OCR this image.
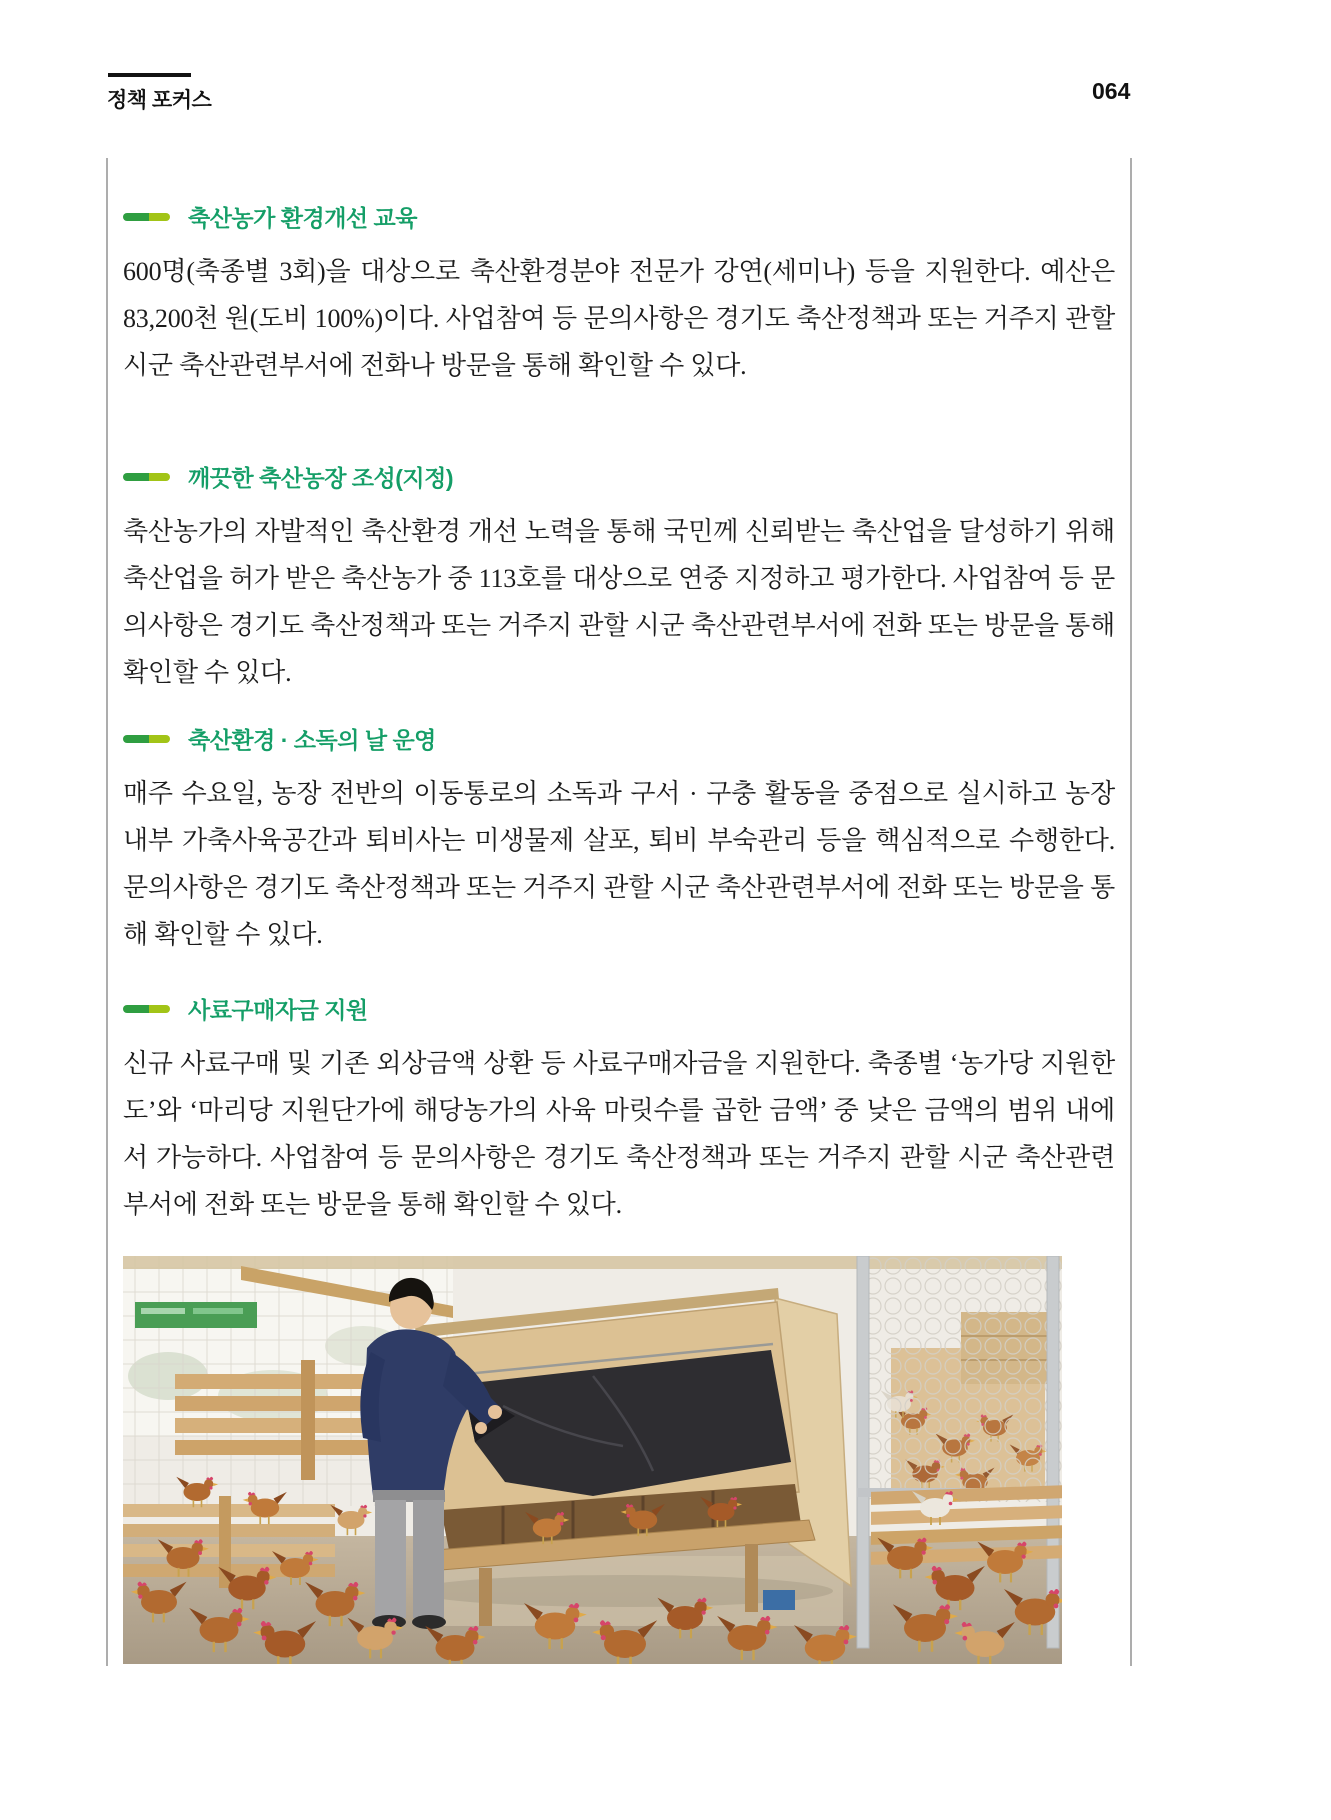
정책 포커스	064
축산농가 환경개선 교육

600명(축종별 3회)을 대상으로 축산환경분야 전문가 강연(세미나) 등을 지원한다. 예산은 83,200천 원(도비 100%)이다. 사업참여 등 문의사항은 경기도 축산정책과 또는 거주지 관할 시군 축산관련부서에 전화나 방문을 통해 확인할 수 있다.

깨끗한 축산농장 조성(지정)

축산농가의 자발적인 축산환경 개선 노력을 통해 국민께 신뢰받는 축산업을 달성하기 위해 축산업을 허가 받은 축산농가 중 113호를 대상으로 연중 지정하고 평가한다. 사업참여 등 문의사항은 경기도 축산정책과 또는 거주지 관할 시군 축산관련부서에 전화 또는 방문을 통해 확인할 수 있다.

축산환경 · 소독의 날 운영

매주 수요일, 농장 전반의 이동통로의 소독과 구서 · 구충 활동을 중점으로 실시하고 농장 내부 가축사육공간과 퇴비사는 미생물제 살포, 퇴비 부숙관리 등을 핵심적으로 수행한다. 문의사항은 경기도 축산정책과 또는 거주지 관할 시군 축산관련부서에 전화 또는 방문을 통해 확인할 수 있다.

사료구매자금 지원

신규 사료구매 및 기존 외상금액 상환 등 사료구매자금을 지원한다. 축종별 ‘농가당 지원한도’와 ‘마리당 지원단가에 해당농가의 사육 마릿수를 곱한 금액’ 중 낮은 금액의 범위 내에서 가능하다. 사업참여 등 문의사항은 경기도 축산정책과 또는 거주지 관할 시군 축산관련부서에 전화 또는 방문을 통해 확인할 수 있다.
